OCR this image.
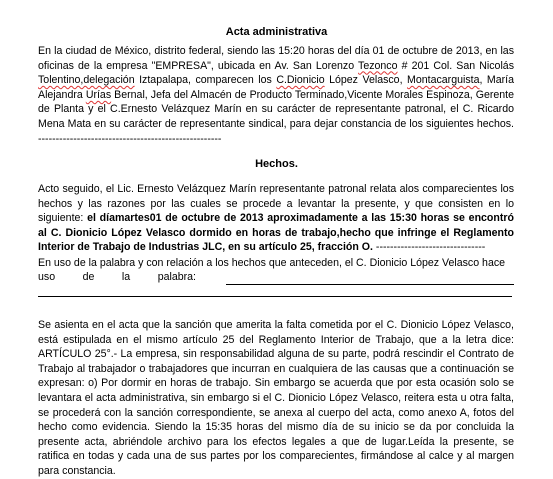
Acta administrativa
En la ciudad de México, distrito federal, siendo las 15:20 horas del día 01 de octubre de 2013, en las oficinas de la empresa "EMPRESA", ubicada en Av. San Lorenzo Tezonco # 201 Col. San Nicolás Tolentino,delegación Iztapalapa, comparecen los C.Dionicio López Velasco, Montacarguista, María Alejandra Urías Bernal, Jefa del Almacén de Producto Terminado,Vicente Morales Espinoza, Gerente de Planta y el C.Ernesto Velázquez Marín en su carácter de representante patronal, el C. Ricardo Mena Mata en su carácter de representante sindical, para dejar constancia de los siguientes hechos. ----------------------------------------------------
Hechos.
Acto seguido, el Lic. Ernesto Velázquez Marín representante patronal relata alos comparecientes los hechos y las razones por las cuales se procede a levantar la presente, y que consisten en lo siguiente: el díamartes01 de octubre de 2013 aproximadamente a las 15:30 horas se encontró al C. Dionicio López Velasco dormido en horas de trabajo,hecho que infringe el Reglamento Interior de Trabajo de Industrias JLC, en su artículo 25, fracción O. -------------------------------
En uso de la palabra y con relación a los hechos que anteceden, el C. Dionicio López Velasco hace
uso	de	la	palabra:
Se asienta en el acta que la sanción que amerita la falta cometida por el C. Dionicio López Velasco, está estipulada en el mismo artículo 25 del Reglamento Interior de Trabajo, que a la letra dice: ARTÍCULO 25°.- La empresa, sin responsabilidad alguna de su parte, podrá rescindir el Contrato de Trabajo al trabajador o trabajadores que incurran en cualquiera de las causas que a continuación se expresan: o) Por dormir en horas de trabajo. Sin embargo se acuerda que por esta ocasión solo se levantara el acta administrativa, sin embargo si el C. Dionicio López Velasco, reitera esta u otra falta, se procederá con la sanción correspondiente, se anexa al cuerpo del acta, como anexo A, fotos del hecho como evidencia. Siendo la 15:35 horas del mismo día de su inicio se da por concluida la presente acta, abriéndole archivo para los efectos legales a que de lugar.Leída la presente, se ratifica en todas y cada una de sus partes por los comparecientes, firmándose al calce y al margen para constancia.
